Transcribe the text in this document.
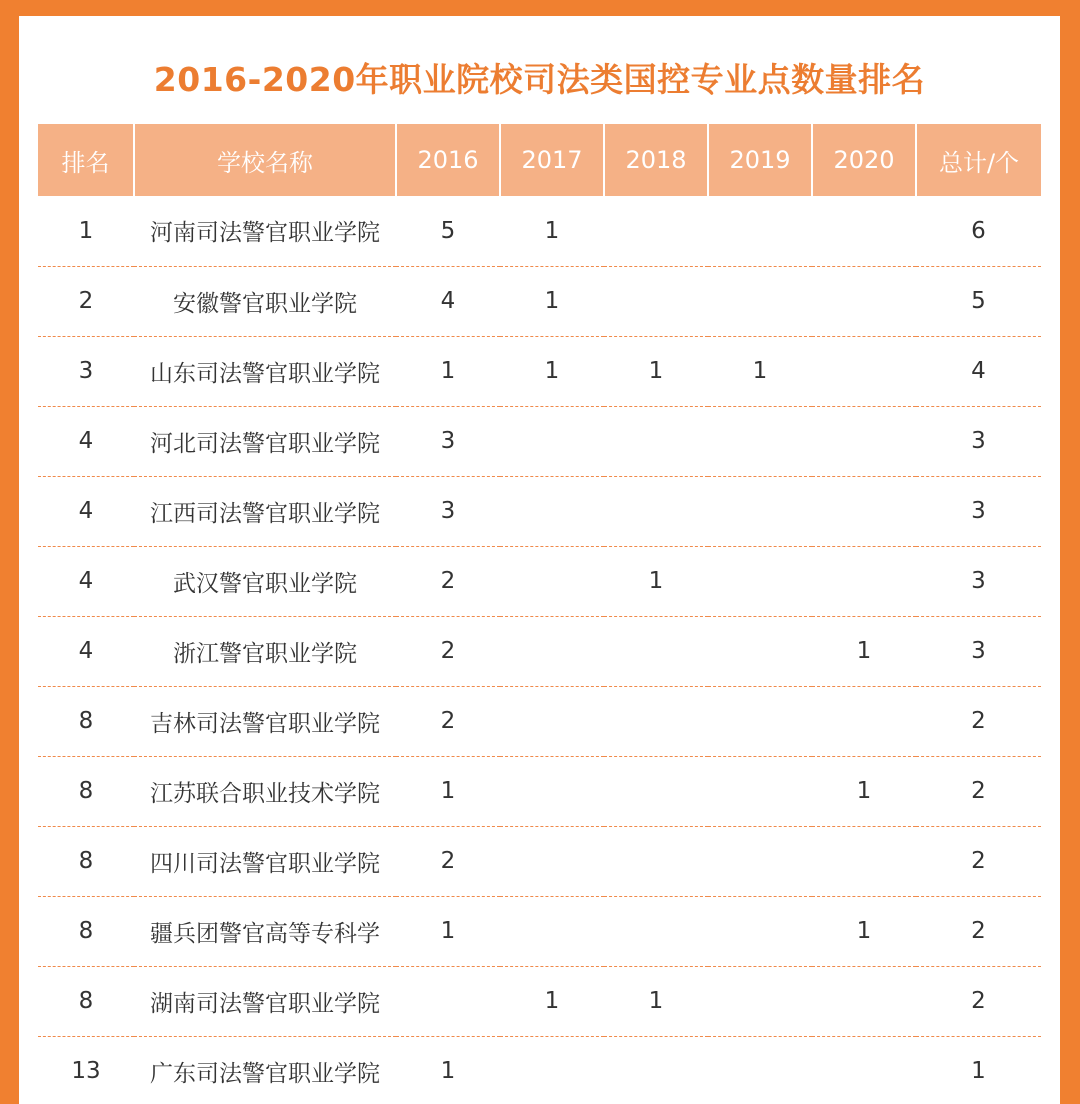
2016-2020年职业院校司法类国控专业点数量排名
排名	学校名称	2016	2017	2018	2019	2020	总计/个
1	河南司法警官职业学院	5	1				6
2	安徽警官职业学院	4	1				5
3	山东司法警官职业学院	1	1	1	1		4
4	河北司法警官职业学院	3					3
4	江西司法警官职业学院	3					3
4	武汉警官职业学院	2		1			3
4	浙江警官职业学院	2				1	3
8	吉林司法警官职业学院	2					2
8	江苏联合职业技术学院	1				1	2
8	四川司法警官职业学院	2					2
8	疆兵团警官高等专科学	1				1	2
8	湖南司法警官职业学院		1	1			2
13	广东司法警官职业学院	1					1
